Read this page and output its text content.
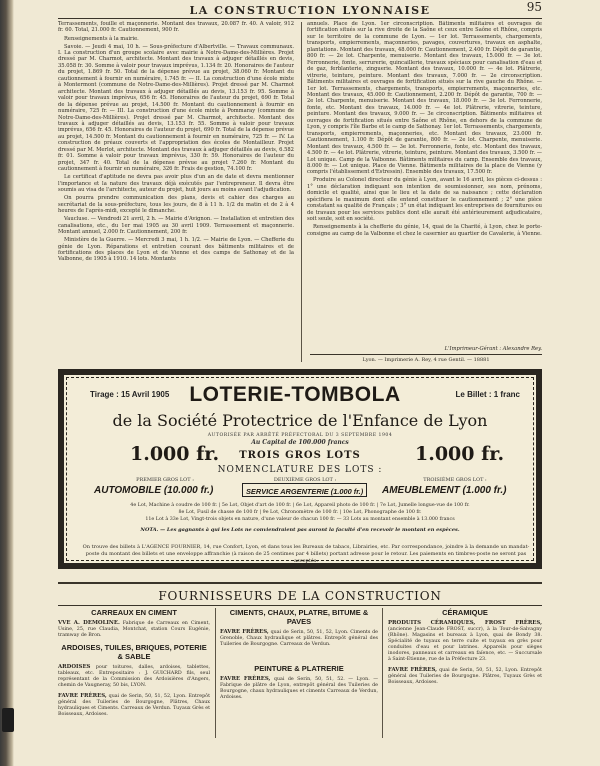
LA CONSTRUCTION LYONNAISE	95

Terrassements, fouille et maçonnerie. Montant des travaux, 20.087 fr. 40. A valoir, 912 fr. 60. Total, 21.000 fr. Cautionnement, 900 fr.

Renseignements à la mairie.

Savoie. — Jeudi 4 mai, 10 h. — Sous-préfecture d'Albertville. — Travaux communaux. I. La construction d'un groupe scolaire avec mairie à Notre-Dame-des-Millières. Projet dressé par M. Charmot, architecte. Montant des travaux à adjuger détaillés en devis, 35.058 fr. 30. Somme à valoir pour travaux imprévus, 1.134 fr. 20. Honoraires de l'auteur du projet, 1.869 fr. 50. Total de la dépense prévue au projet, 38.060 fr. Montant du cautionnement à fournir en numéraire, 1.745 fr. — II. La construction d'une école mixte à Montermont (commune de Notre-Dame-des-Millières). Projet dressé par M. Charmot architecte. Montant des travaux à adjuger détaillés au devis, 13.153 fr. 95. Somme à valoir pour travaux imprévus, 656 fr. 45. Honoraires de l'auteur du projet, 690 fr. Total de la dépense prévue au projet, 14.500 fr. Montant du cautionnement à fournir en numéraire, 725 fr. — III. La construction d'une école mixte à Pommaray (commune de Notre-Dame-des-Millières). Projet dressé par M. Charmot, architecte. Montant des travaux à adjuger détaillés au devis, 13.153 fr. 55. Somme à valoir pour travaux imprévus, 656 fr. 45. Honoraires de l'auteur du projet, 690 fr. Total de la dépense prévue au projet, 14.500 fr. Montant du cautionnement à fournir en numéraire, 725 fr. — IV. La construction de préaux couverts et l'appropriation des écoles de Montailleur. Projet dressé par M. Merlot, architecte. Montant des travaux à adjuger détaillés au devis, 6.582 fr. 01. Somme à valoir pour travaux imprévus, 330 fr. 59. Honoraires de l'auteur du projet, 347 fr. 40. Total de la dépense prévue au projet 7.260 fr. Montant du cautionnement à fournir en numéraire, 326 fr. Frais de gestion, 74.100 fr.

Le certificat d'aptitude ne devra pas avoir plus d'un an de date et devra mentionner l'importance et la nature des travaux déjà exécutés par l'entrepreneur. Il devra être soumis au visa de l'architecte, auteur du projet, huit jours au moins avant l'adjudication.

On pourra prendre communication des plans, devis et cahier des charges au secrétariat de la sous-préfecture, tous les jours, de 8 à 11 h. 1/2 du matin et de 2 à 4 heures de l'après-midi, excepté le dimanche.

Vaucluse. — Vendredi 21 avril, 2 h. — Mairie d'Avignon. — Installation et entretien des canalisations, etc., du 1er mai 1905 au 30 avril 1909. Terrassement et maçonnerie. Montant annuel, 2.000 fr. Cautionnement, 200 fr.

Ministère de la Guerre. — Mercredi 3 mai, 1 h. 1/2. — Mairie de Lyon. — Chefferie du génie de Lyon. Réparations et entretien courant des bâtiments militaires et de fortifications des places de Lyon et de Vienne et des camps de Sathonay et de la Valbonne, de 1905 à 1910. 14 lots. Montants

annuels. Place de Lyon. 1er circonscription. Bâtiments militaires et ouvrages de fortification situés sur la rive droite de la Saône et ceux entre Saône et Rhône, compris sur le territoire de la commune de Lyon. — 1er lot. Terrassements, chargements, transports, empierrements, maçonneries, pavages, couvertures, travaux en asphalte, plantations. Montant des travaux, 48.000 fr. Cautionnement, 2.400 fr. Dépôt de garantie, 800 fr. — 2e lot. Charpente, menuiserie. Montant des travaux, 15.000 fr. — 3e lot. Ferronnerie, fonte, serrurerie, quincaillerie, travaux spéciaux pour canalisation d'eau et de gaz, ferblanterie, zinguerie. Montant des travaux, 10.000 fr. — 4e lot. Plâtrerie, vitrerie, teinture, peinture. Montant des travaux, 7.000 fr. — 2e circonscription. Bâtiments militaires et ouvrages de fortification situés sur la rive gauche du Rhône. — 1er lot. Terrassements, chargements, transports, empierrements, maçonneries, etc. Montant des travaux, 45.000 fr. Cautionnement, 2.200 fr. Dépôt de garantie, 700 fr. — 2e lot. Charpente, menuiserie. Montant des travaux, 18.000 fr. — 3e lot. Ferronnerie, fonte, etc. Montant des travaux, 14.000 fr. — 4e lot. Plâtrerie, vitrerie, teinture, peinture. Montant des travaux, 9.000 fr. — 3e circonscription. Bâtiments militaires et ouvrages de fortification situés entre Saône et Rhône, en dehors de la commune de Lyon, y compris l'île Barbe et le camp de Sathonay. 1er lot. Terrassements, chargements, transports, empierrements, maçonneries, etc. Montant des travaux, 23.000 fr. Cautionnement, 1.100 fr. Dépôt de garantie, 800 fr. — 2e lot. Charpente, menuiserie. Montant des travaux, 4.500 fr. — 3e lot. Ferronnerie, fonte, etc. Montant des travaux, 4.500 fr. — 4e lot. Plâtrerie, vitrerie, teinture, peinture. Montant des travaux, 3.500 fr. — Lot unique. Camp de la Valbonne. Bâtiments militaires du camp. Ensemble des travaux, 8.000 fr. — Lot unique. Place de Vienne. Bâtiments militaires de la place de Vienne (y compris l'établissement d'Estressin). Ensemble des travaux, 17.500 fr.

Produire au Colonel directeur du génie à Lyon, avant le 16 avril, les pièces ci-dessus : 1° une déclaration indiquant son intention de soumissionner, ses nom, prénoms, domicile et qualité, ainsi que le lieu et la date de sa naissance ; cette déclaration spécifiera le maximum dont elle entend constituer le cautionnement ; 2° une pièce constatant sa qualité de Français ; 3° un état indiquant les entreprises de fournitures ou de travaux pour les services publics dont elle aurait été antérieurement adjudicataire, soit seule, soit en société.

Renseignements à la chefferie du génie, 14, quai de la Charité, à Lyon, chez le porte-consigne au camp de la Valbonne et chez le casernier au quartier de Cavalerie, à Vienne.

L'Imprimeur-Gérant : Alexandre Rey.
Lyon. — Imprimerie A. Rey, 4 rue Gentil. — 18881
Tirage : 15 Avril 1905 LOTERIE-TOMBOLA	Le Billet : 1 franc
de la Société Protectrice de l'Enfance de Lyon
AUTORISÉE PAR ARRÊTÉ PRÉFECTORAL DU 3 SEPTEMBRE 1904
Au Capital de 100.000 francs
1.000 fr.	TROIS GROS LOTS	1.000 fr.
NOMENCLATURE DES LOTS :
PREMIER GROS LOT :	DEUXIÈME GROS LOT :	TROISIÈME GROS LOT :
AUTOMOBILE (10.000 fr.)	SERVICE ARGENTERIE (1.000 fr.) AMEUBLEMENT (1.000 fr.)
4e Lot, Machine à coudre de 100 fr. | 5e Lot, Objet d'art de 100 fr. | 6e Lot, Appareil photo de 100 fr. | 7e Lot, Jumelle longue-vue de 100 fr.
8e Lot, Fusil de chasse de 100 fr | 9e Lot, Chronomètre de 100 fr. | 10e Lot, Phonographe de 100 fr.
11e Lot à 33e Lot, Vingt-trois objets en nature, d'une valeur de chacun 100 fr. — 33 Lots au montant ensemble à 13.000 francs
NOTA. — Les gagnants à qui les Lots ne conviendraient pas auront la faculté d'en recevoir le montant en espèces.
On trouve des billets à L'AGENCE FOURNIER, 14, rue Confort, Lyon, et dans tous les Bureaux de tabacs, Librairies, etc. Par correspondance, joindre à la demande un mandat-poste du montant des billets et une enveloppe affranchie (à raison de 25 centimes par 4 billets) portant adresse pour le retour. Les paiements en timbres-poste ne seront pas acceptés.
FOURNISSEURS DE LA CONSTRUCTION
CARREAUX EN CIMENT

VVE A. DEMOLINE. Fabrique de Carreaux en Ciment, Usine, 25, rue Claudia, Montchat, station Cours Eugénie, tramway de Bron.

ARDOISES, TUILES, BRIQUES, POTERIE & SABLE

ARDOISES pour toitures, dalles, ardoises, tablettes, tableaux, etc. Entrepositaire : J. GUICHARD fils, seul représentant de la Commission des Ardoisières d'Angers, chemin de Vaugneray, 50 bis, LYON.

FAVRE FRÈRES, quai de Serin, 50, 51, 52, Lyon. Entrepôt général des Tuileries de Bourgogne, Plâtres, Chaux hydrauliques et Ciments. Carreaux de Verdun. Tuyaux Grès et Boisseaux, Ardoises.

CIMENTS, CHAUX, PLATRE, BITUME & PAVES

FAVRE FRÈRES, quai de Serin, 50, 51, 52, Lyon. Ciments de Grenoble, Chaux hydraulique et plâtres. Entrepôt général des Tuileries de Bourgogne. Carreaux de Verdun.

PEINTURE & PLATRERIE

FAVRE FRÈRES, quai de Serin, 50, 51, 52. — Lyon. — Fabrique de plâtre de Lyon, entrepôt général des Tuileries de Bourgogne, chaux hydrauliques et ciments Carreaux de Verdun, Ardoises.

CÉRAMIQUE

PRODUITS CÉRAMIQUES, FROST FRÈRES, (ancienne Jean-Claude FROST, succr), à la Tour-de-Salvagny (Rhône). Magasins et bureaux à Lyon, quai de Bondy 38. Spécialité de tuyaux en terre cuite et tuyaux en grès pour conduites d'eau et pour latrines. Appareils pour sièges inodores, panneaux et carreaux en faïence, etc. — Succursale à Saint-Etienne, rue de la Préfecture 23.

FAVRE FRÈRES, quai de Serin, 50, 51, 52, Lyon. Entrepôt général des Tuileries de Bourgogne. Plâtres, Tuyaux Grès et Boisseaux, Ardoises.
